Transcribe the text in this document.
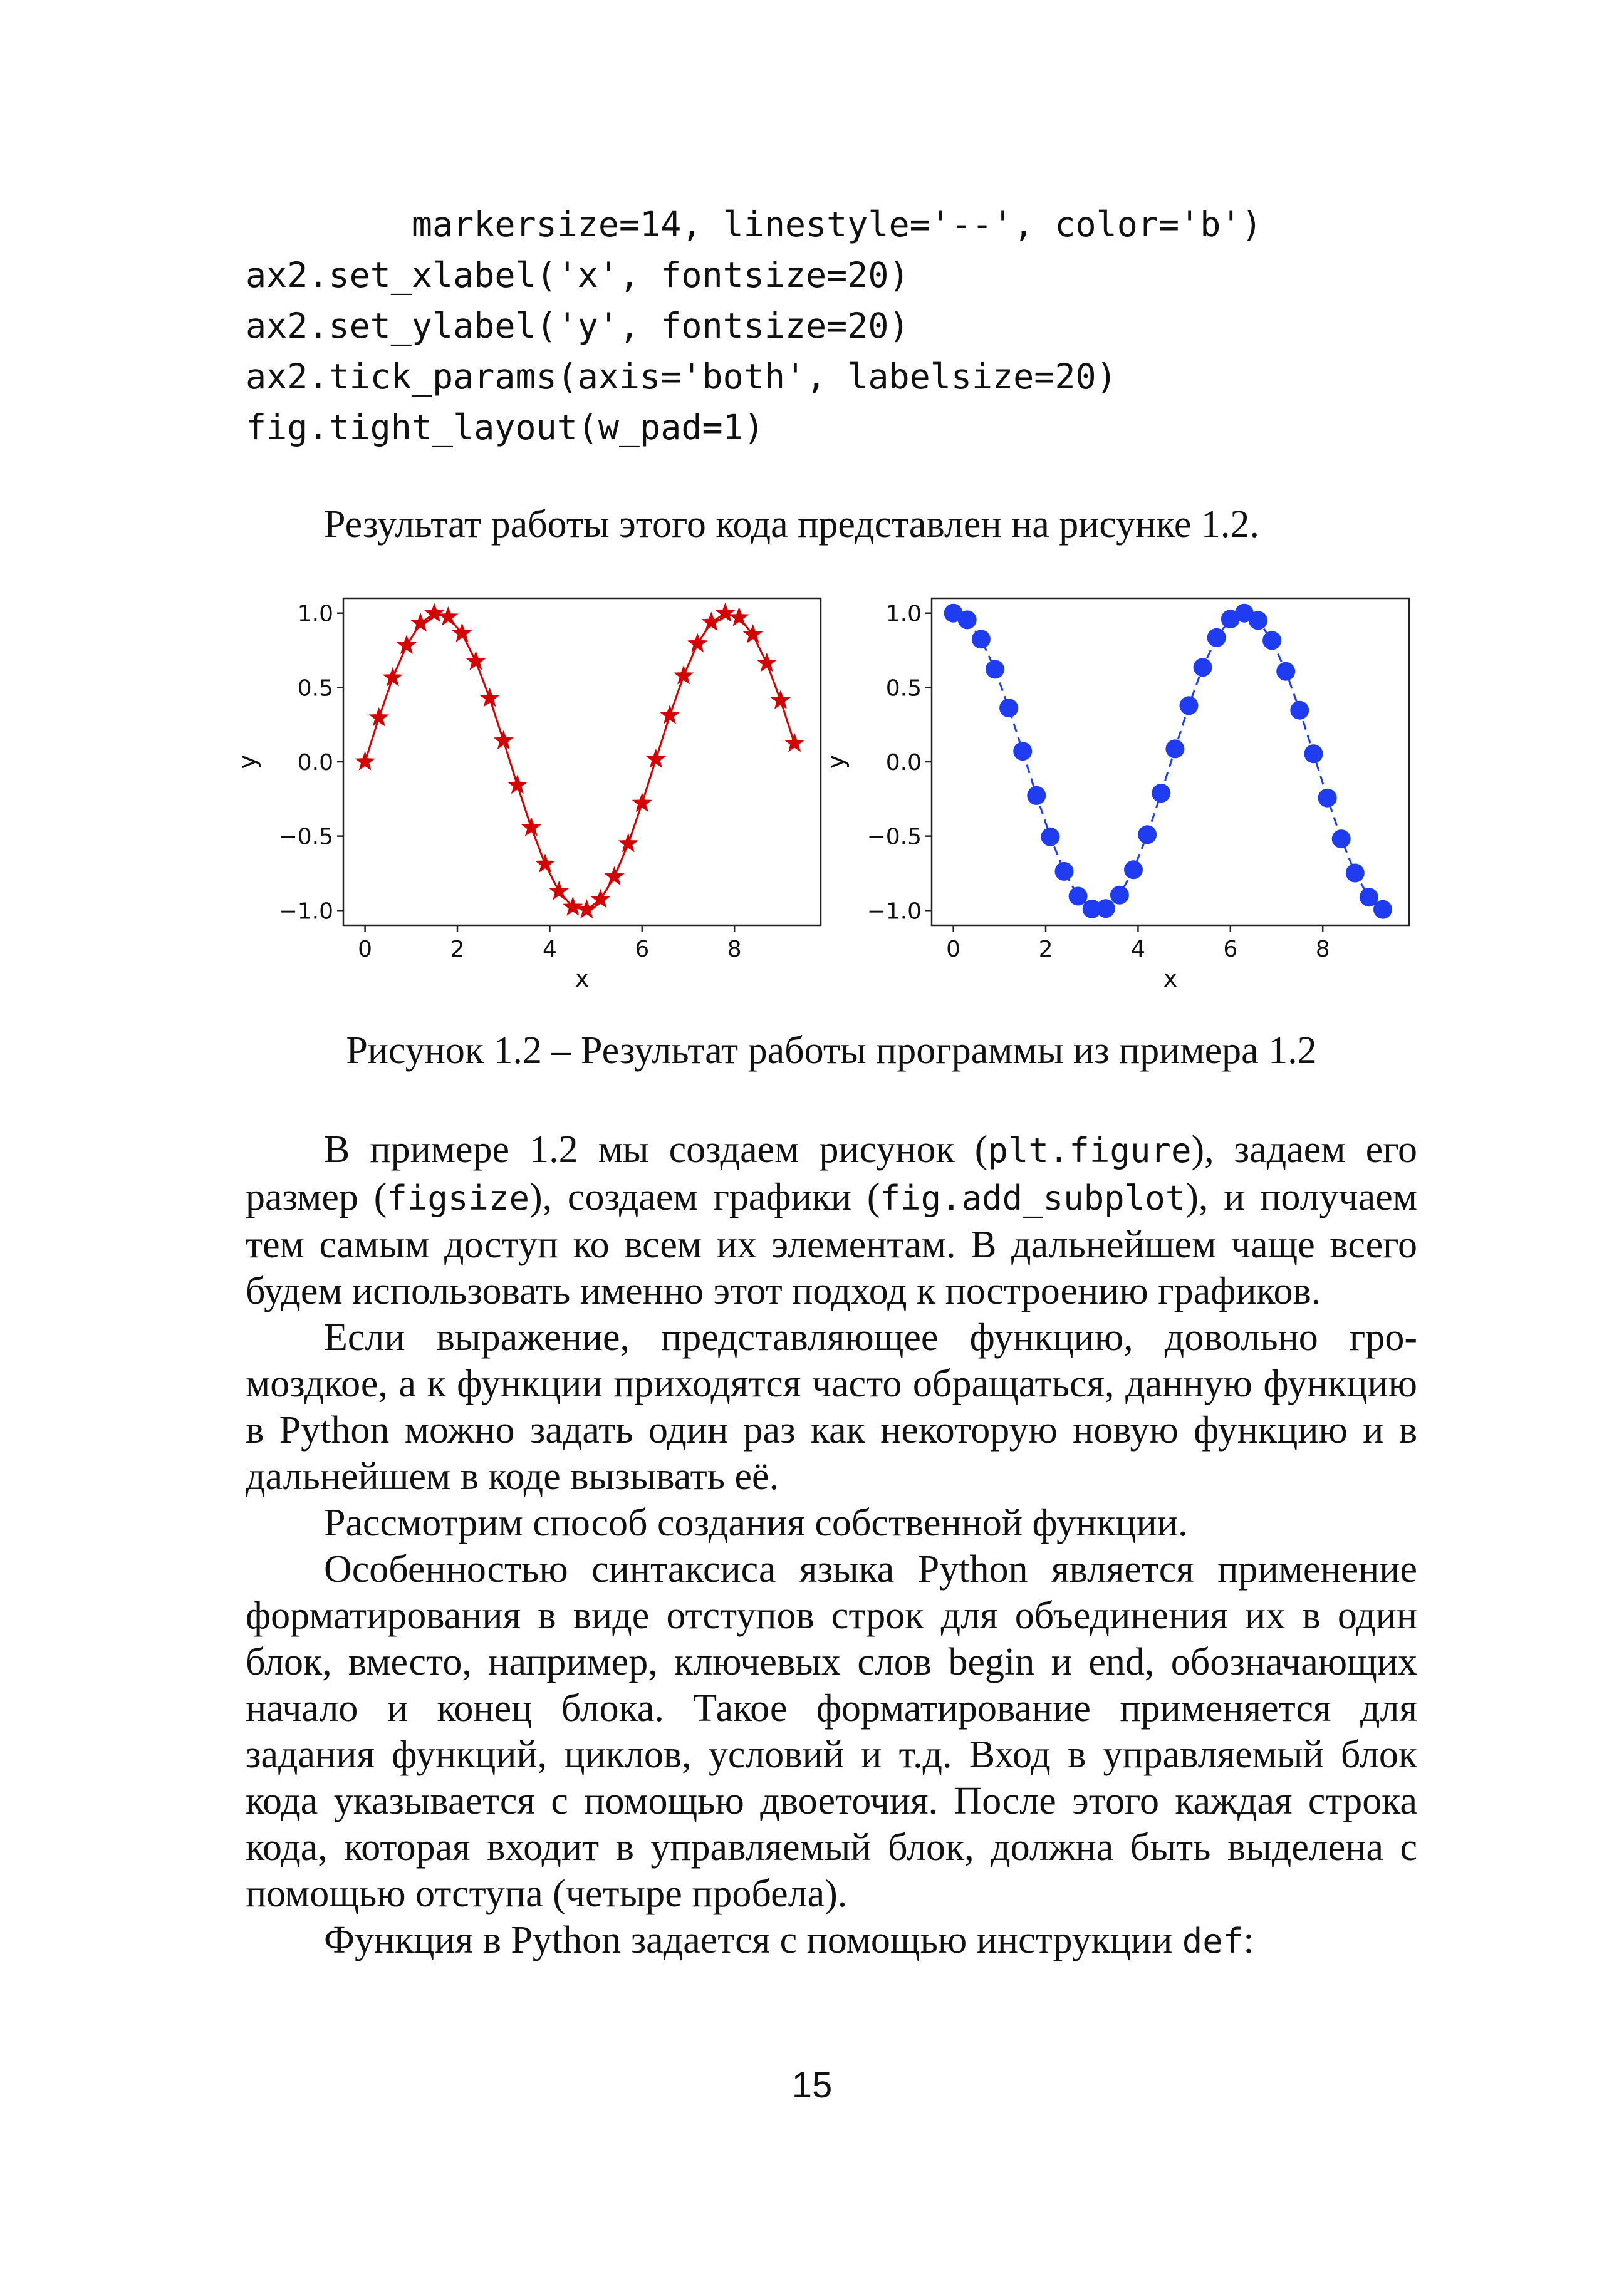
markersize=14, linestyle='--', color='b')
ax2.set_xlabel('x', fontsize=20)
ax2.set_ylabel('y', fontsize=20)
ax2.tick_params(axis='both', labelsize=20)
fig.tight_layout(w_pad=1)

Результат работы этого кода представлен на рисунке 1.2.

0	2	4	6	8
1.0
0.5
0.0
−0.5
−1.0
x
y
0	2	4	6	8
1.0
0.5
0.0
−0.5
−1.0
x
y

Рисунок 1.2 – Результат работы программы из примера 1.2

В примере 1.2 мы создаем рисунок (plt.figure), задаем его размер (figsize), создаем графики (fig.add_subplot), и получаем тем самым доступ ко всем их элементам. В дальнейшем чаще всего будем использовать именно этот подход к построению графиков.

Если выражение, представляющее функцию, довольно громоздкое, а к функции приходятся часто обращаться, данную функцию в Python можно задать один раз как некоторую новую функцию и в дальнейшем в коде вызывать её.

Рассмотрим способ создания собственной функции.

Особенностью синтаксиса языка Python является применение форматирования в виде отступов строк для объединения их в один блок, вместо, например, ключевых слов begin и end, обозначающих начало и конец блока. Такое форматирование применяется для задания функций, циклов, условий и т.д. Вход в управляемый блок кода указывается с помощью двоеточия. После этого каждая строка кода, которая входит в управляемый блок, должна быть выделена с помощью отступа (четыре пробела).

Функция в Python задается с помощью инструкции def:

15
